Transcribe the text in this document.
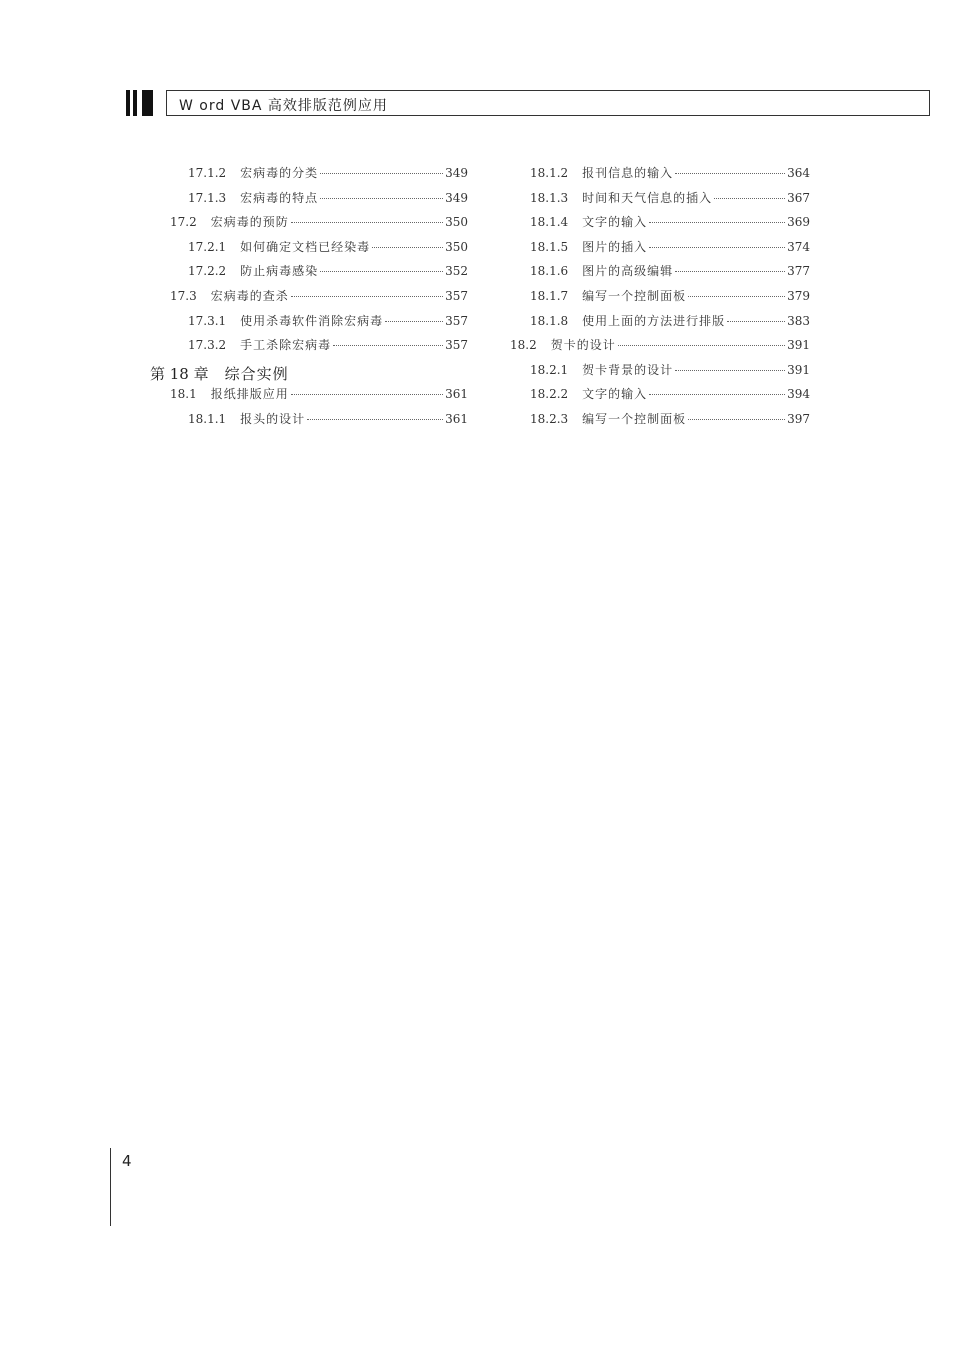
W ord VBA 高效排版范例应用
17.1.2 宏病毒的分类	349
17.1.3 宏病毒的特点	349
17.2 宏病毒的预防	350
17.2.1 如何确定文档已经染毒	350
17.2.2 防止病毒感染	352
17.3 宏病毒的查杀	357
17.3.1 使用杀毒软件消除宏病毒	357
17.3.2 手工杀除宏病毒	357
第 18 章 综合实例
18.1 报纸排版应用	361
18.1.1 报头的设计	361
18.1.2 报刊信息的输入	364
18.1.3 时间和天气信息的插入	367
18.1.4 文字的输入	369
18.1.5 图片的插入	374
18.1.6 图片的高级编辑	377
18.1.7 编写一个控制面板	379
18.1.8 使用上面的方法进行排版	383
18.2 贺卡的设计	391
18.2.1 贺卡背景的设计	391
18.2.2 文字的输入	394
18.2.3 编写一个控制面板	397
4
